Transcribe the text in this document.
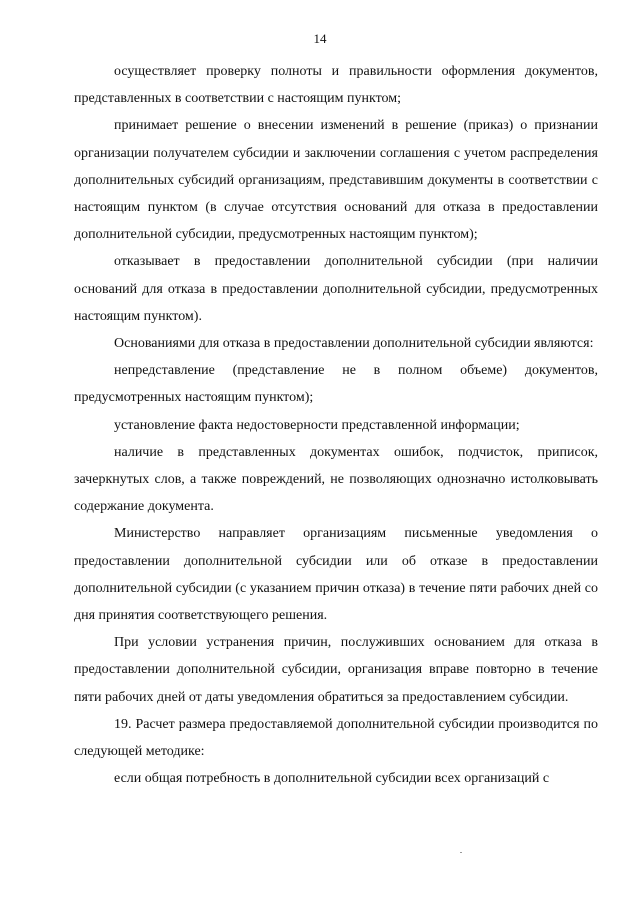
14

осуществляет проверку полноты и правильности оформления документов, представленных в соответствии с настоящим пунктом;

принимает решение о внесении изменений в решение (приказ) о признании организации получателем субсидии и заключении соглашения с учетом распределения дополнительных субсидий организациям, представившим документы в соответствии с настоящим пунктом (в случае отсутствия оснований для отказа в предоставлении дополнительной субсидии, предусмотренных настоящим пунктом);

отказывает в предоставлении дополнительной субсидии (при наличии оснований для отказа в предоставлении дополнительной субсидии, предусмотренных настоящим пунктом).

Основаниями для отказа в предоставлении дополнительной субсидии являются:

непредставление (представление не в полном объеме) документов, предусмотренных настоящим пунктом);

установление факта недостоверности представленной информации;

наличие в представленных документах ошибок, подчисток, приписок, зачеркнутых слов, а также повреждений, не позволяющих однозначно истолковывать содержание документа.

Министерство направляет организациям письменные уведомления о предоставлении дополнительной субсидии или об отказе в предоставлении дополнительной субсидии (с указанием причин отказа) в течение пяти рабочих дней со дня принятия соответствующего решения.

При условии устранения причин, послуживших основанием для отказа в предоставлении дополнительной субсидии, организация вправе повторно в течение пяти рабочих дней от даты уведомления обратиться за предоставлением субсидии.

19. Расчет размера предоставляемой дополнительной субсидии производится по следующей методике:

если общая потребность в дополнительной субсидии всех организаций с
